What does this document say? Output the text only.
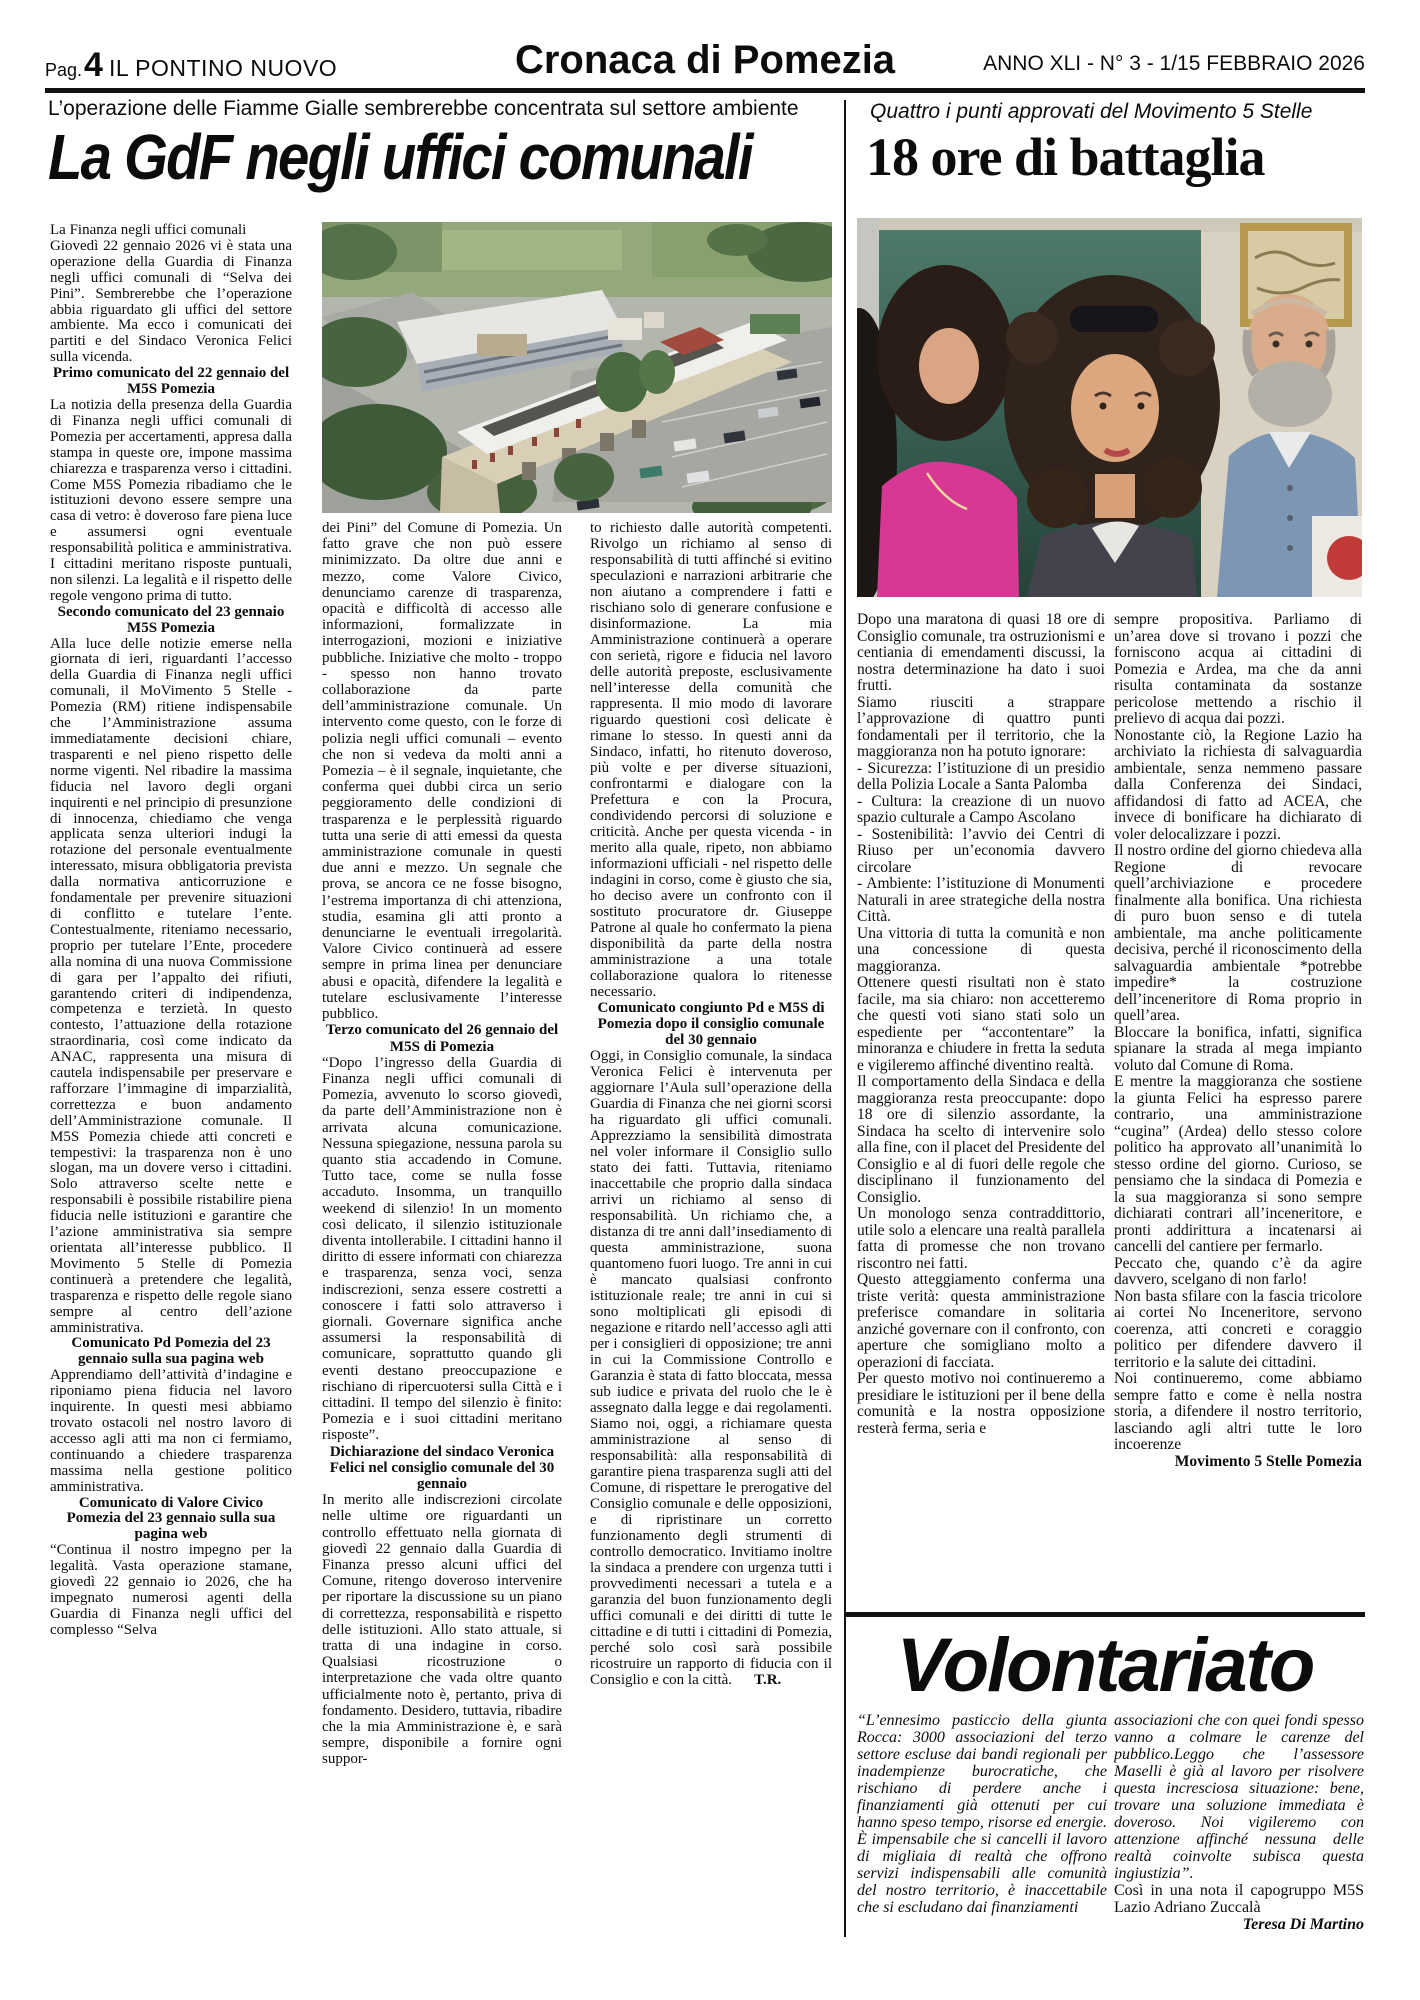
Cronaca di Pomezia
Pag.4 IL PONTINO NUOVO	ANNO XLI - N° 3 - 1/15 FEBBRAIO 2026
L’operazione delle Fiamme Gialle sembrerebbe concentrata sul settore ambiente
La GdF negli uffici comunali
Quattro i punti approvati del Movimento 5 Stelle
18 ore di battaglia

La Finanza negli uffici comunali

Giovedì 22 gennaio 2026 vi è stata una operazione della Guardia di Finanza negli uffici comunali di “Selva dei Pini”. Sembrerebbe che l’operazione abbia riguardato gli uffici del settore ambiente. Ma ecco i comunicati dei partiti e del Sindaco Veronica Felici sulla vicenda.

Primo comunicato del 22 gennaio del M5S Pomezia

La notizia della presenza della Guardia di Finanza negli uffici comunali di Pomezia per accertamenti, appresa dalla stampa in queste ore, impone massima chiarezza e trasparenza verso i cittadini. Come M5S Pomezia ribadiamo che le istituzioni devono essere sempre una casa di vetro: è doveroso fare piena luce e assumersi ogni eventuale responsabilità politica e amministrativa. I cittadini meritano risposte puntuali, non silenzi. La legalità e il rispetto delle regole vengono prima di tutto.

Secondo comunicato del 23 gennaio M5S Pomezia

Alla luce delle notizie emerse nella giornata di ieri, riguardanti l’accesso della Guardia di Finanza negli uffici comunali, il MoVimento 5 Stelle - Pomezia (RM) ritiene indispensabile che l’Amministrazione assuma immediatamente decisioni chiare, trasparenti e nel pieno rispetto delle norme vigenti. Nel ribadire la massima fiducia nel lavoro degli organi inquirenti e nel principio di presunzione di innocenza, chiediamo che venga applicata senza ulteriori indugi la rotazione del personale eventualmente interessato, misura obbligatoria prevista dalla normativa anticorruzione e fondamentale per prevenire situazioni di conflitto e tutelare l’ente. Contestualmente, riteniamo necessario, proprio per tutelare l’Ente, procedere alla nomina di una nuova Commissione di gara per l’appalto dei rifiuti, garantendo criteri di indipendenza, competenza e terzietà. In questo contesto, l’attuazione della rotazione straordinaria, così come indicato da ANAC, rappresenta una misura di cautela indispensabile per preservare e rafforzare l’immagine di imparzialità, correttezza e buon andamento dell’Amministrazione comunale. Il M5S Pomezia chiede atti concreti e tempestivi: la trasparenza non è uno slogan, ma un dovere verso i cittadini. Solo attraverso scelte nette e responsabili è possibile ristabilire piena fiducia nelle istituzioni e garantire che l’azione amministrativa sia sempre orientata all’interesse pubblico. Il Movimento 5 Stelle di Pomezia continuerà a pretendere che legalità, trasparenza e rispetto delle regole siano sempre al centro dell’azione amministrativa.

Comunicato Pd Pomezia del 23 gennaio sulla sua pagina web

Apprendiamo dell’attività d’indagine e riponiamo piena fiducia nel lavoro inquirente. In questi mesi abbiamo trovato ostacoli nel nostro lavoro di accesso agli atti ma non ci fermiamo, continuando a chiedere trasparenza massima nella gestione politico amministrativa.

Comunicato di Valore Civico Pomezia del 23 gennaio sulla sua pagina web

“Continua il nostro impegno per la legalità. Vasta operazione stamane, giovedì 22 gennaio io 2026, che ha impegnato numerosi agenti della Guardia di Finanza negli uffici del complesso “Selva

dei Pini” del Comune di Pomezia. Un fatto grave che non può essere minimizzato. Da oltre due anni e mezzo, come Valore Civico, denunciamo carenze di trasparenza, opacità e difficoltà di accesso alle informazioni, formalizzate in interrogazioni, mozioni e iniziative pubbliche. Iniziative che molto - troppo - spesso non hanno trovato collaborazione da parte dell’amministrazione comunale. Un intervento come questo, con le forze di polizia negli uffici comunali – evento che non si vedeva da molti anni a Pomezia – è il segnale, inquietante, che conferma quei dubbi circa un serio peggioramento delle condizioni di trasparenza e le perplessità riguardo tutta una serie di atti emessi da questa amministrazione comunale in questi due anni e mezzo. Un segnale che prova, se ancora ce ne fosse bisogno, l’estrema importanza di chi attenziona, studia, esamina gli atti pronto a denunciarne le eventuali irregolarità. Valore Civico continuerà ad essere sempre in prima linea per denunciare abusi e opacità, difendere la legalità e tutelare esclusivamente l’interesse pubblico.

Terzo comunicato del 26 gennaio del M5S di Pomezia

“Dopo l’ingresso della Guardia di Finanza negli uffici comunali di Pomezia, avvenuto lo scorso giovedì, da parte dell’Amministrazione non è arrivata alcuna comunicazione. Nessuna spiegazione, nessuna parola su quanto stia accadendo in Comune. Tutto tace, come se nulla fosse accaduto. Insomma, un tranquillo weekend di silenzio! In un momento così delicato, il silenzio istituzionale diventa intollerabile. I cittadini hanno il diritto di essere informati con chiarezza e trasparenza, senza voci, senza indiscrezioni, senza essere costretti a conoscere i fatti solo attraverso i giornali. Governare significa anche assumersi la responsabilità di comunicare, soprattutto quando gli eventi destano preoccupazione e rischiano di ripercuotersi sulla Città e i cittadini. Il tempo del silenzio è finito: Pomezia e i suoi cittadini meritano risposte”.

Dichiarazione del sindaco Veronica Felici nel consiglio comunale del 30 gennaio

In merito alle indiscrezioni circolate nelle ultime ore riguardanti un controllo effettuato nella giornata di giovedì 22 gennaio dalla Guardia di Finanza presso alcuni uffici del Comune, ritengo doveroso intervenire per riportare la discussione su un piano di correttezza, responsabilità e rispetto delle istituzioni. Allo stato attuale, si tratta di una indagine in corso. Qualsiasi ricostruzione o interpretazione che vada oltre quanto ufficialmente noto è, pertanto, priva di fondamento. Desidero, tuttavia, ribadire che la mia Amministrazione è, e sarà sempre, disponibile a fornire ogni suppor-

to richiesto dalle autorità competenti. Rivolgo un richiamo al senso di responsabilità di tutti affinché si evitino speculazioni e narrazioni arbitrarie che non aiutano a comprendere i fatti e rischiano solo di generare confusione e disinformazione. La mia Amministrazione continuerà a operare con serietà, rigore e fiducia nel lavoro delle autorità preposte, esclusivamente nell’interesse della comunità che rappresenta. Il mio modo di lavorare riguardo questioni così delicate è rimane lo stesso. In questi anni da Sindaco, infatti, ho ritenuto doveroso, più volte e per diverse situazioni, confrontarmi e dialogare con la Prefettura e con la Procura, condividendo percorsi di soluzione e criticità. Anche per questa vicenda - in merito alla quale, ripeto, non abbiamo informazioni ufficiali - nel rispetto delle indagini in corso, come è giusto che sia, ho deciso avere un confronto con il sostituto procuratore dr. Giuseppe Patrone al quale ho confermato la piena disponibilità da parte della nostra amministrazione a una totale collaborazione qualora lo ritenesse necessario.

Comunicato congiunto Pd e M5S di Pomezia dopo il consiglio comunale del 30 gennaio

Oggi, in Consiglio comunale, la sindaca Veronica Felici è intervenuta per aggiornare l’Aula sull’operazione della Guardia di Finanza che nei giorni scorsi ha riguardato gli uffici comunali. Apprezziamo la sensibilità dimostrata nel voler informare il Consiglio sullo stato dei fatti. Tuttavia, riteniamo inaccettabile che proprio dalla sindaca arrivi un richiamo al senso di responsabilità. Un richiamo che, a distanza di tre anni dall’insediamento di questa amministrazione, suona quantomeno fuori luogo. Tre anni in cui è mancato qualsiasi confronto istituzionale reale; tre anni in cui si sono moltiplicati gli episodi di negazione e ritardo nell’accesso agli atti per i consiglieri di opposizione; tre anni in cui la Commissione Controllo e Garanzia è stata di fatto bloccata, messa sub iudice e privata del ruolo che le è assegnato dalla legge e dai regolamenti. Siamo noi, oggi, a richiamare questa amministrazione al senso di responsabilità: alla responsabilità di garantire piena trasparenza sugli atti del Comune, di rispettare le prerogative del Consiglio comunale e delle opposizioni, e di ripristinare un corretto funzionamento degli strumenti di controllo democratico. Invitiamo inoltre la sindaca a prendere con urgenza tutti i provvedimenti necessari a tutela e a garanzia del buon funzionamento degli uffici comunali e dei diritti di tutte le cittadine e di tutti i cittadini di Pomezia, perché solo così sarà possibile ricostruire un rapporto di fiducia con il Consiglio e con la città. T.R.

Dopo una maratona di quasi 18 ore di Consiglio comunale, tra ostruzionismi e centiania di emendamenti discussi, la nostra determinazione ha dato i suoi frutti.

Siamo riusciti a strappare l’approvazione di quattro punti fondamentali per il territorio, che la maggioranza non ha potuto ignorare:

- Sicurezza: l’istituzione di un presidio della Polizia Locale a Santa Palomba

- Cultura: la creazione di un nuovo spazio culturale a Campo Ascolano

- Sostenibilità: l’avvio dei Centri di Riuso per un’economia davvero circolare

- Ambiente: l’istituzione di Monumenti Naturali in aree strategiche della nostra Città.

Una vittoria di tutta la comunità e non una concessione di questa maggioranza.

Ottenere questi risultati non è stato facile, ma sia chiaro: non accetteremo che questi voti siano stati solo un espediente per “accontentare” la minoranza e chiudere in fretta la seduta e vigileremo affinché diventino realtà.

Il comportamento della Sindaca e della maggioranza resta preoccupante: dopo 18 ore di silenzio assordante, la Sindaca ha scelto di intervenire solo alla fine, con il placet del Presidente del Consiglio e al di fuori delle regole che disciplinano il funzionamento del Consiglio.

Un monologo senza contraddittorio, utile solo a elencare una realtà parallela fatta di promesse che non trovano riscontro nei fatti.

Questo atteggiamento conferma una triste verità: questa amministrazione preferisce comandare in solitaria anziché governare con il confronto, con aperture che somigliano molto a operazioni di facciata.

Per questo motivo noi continueremo a presidiare le istituzioni per il bene della comunità e la nostra opposizione resterà ferma, seria e

sempre propositiva. Parliamo di un’area dove si trovano i pozzi che forniscono acqua ai cittadini di Pomezia e Ardea, ma che da anni risulta contaminata da sostanze pericolose mettendo a rischio il prelievo di acqua dai pozzi.

Nonostante ciò, la Regione Lazio ha archiviato la richiesta di salvaguardia ambientale, senza nemmeno passare dalla Conferenza dei Sindaci, affidandosi di fatto ad ACEA, che invece di bonificare ha dichiarato di voler delocalizzare i pozzi.

Il nostro ordine del giorno chiedeva alla Regione di revocare quell’archiviazione e procedere finalmente alla bonifica. Una richiesta di puro buon senso e di tutela ambientale, ma anche politicamente decisiva, perché il riconoscimento della salvaguardia ambientale *potrebbe impedire* la costruzione dell’inceneritore di Roma proprio in quell’area.

Bloccare la bonifica, infatti, significa spianare la strada al mega impianto voluto dal Comune di Roma.

E mentre la maggioranza che sostiene la giunta Felici ha espresso parere contrario, una amministrazione “cugina” (Ardea) dello stesso colore politico ha approvato all’unanimità lo stesso ordine del giorno. Curioso, se pensiamo che la sindaca di Pomezia e la sua maggioranza si sono sempre dichiarati contrari all’inceneritore, e pronti addirittura a incatenarsi ai cancelli del cantiere per fermarlo.

Peccato che, quando c’è da agire davvero, scelgano di non farlo!

Non basta sfilare con la fascia tricolore ai cortei No Inceneritore, servono coerenza, atti concreti e coraggio politico per difendere davvero il territorio e la salute dei cittadini.

Noi continueremo, come abbiamo sempre fatto e come è nella nostra storia, a difendere il nostro territorio, lasciando agli altri tutte le loro incoerenze

Movimento 5 Stelle Pomezia

Volontariato

“L’ennesimo pasticcio della giunta Rocca: 3000 associazioni del terzo settore escluse dai bandi regionali per inadempienze burocratiche, che rischiano di perdere anche i finanziamenti già ottenuti per cui hanno speso tempo, risorse ed energie. È impensabile che si cancelli il lavoro di migliaia di realtà che offrono servizi indispensabili alle comunità del nostro territorio, è inaccettabile che si escludano dai finanziamenti

associazioni che con quei fondi spesso vanno a colmare le carenze del pubblico.Leggo che l’assessore Maselli è già al lavoro per risolvere questa incresciosa situazione: bene, trovare una soluzione immediata è doveroso. Noi vigileremo con attenzione affinché nessuna delle realtà coinvolte subisca questa ingiustizia”.

Così in una nota il capogruppo M5S Lazio Adriano Zuccalà

Teresa Di Martino
